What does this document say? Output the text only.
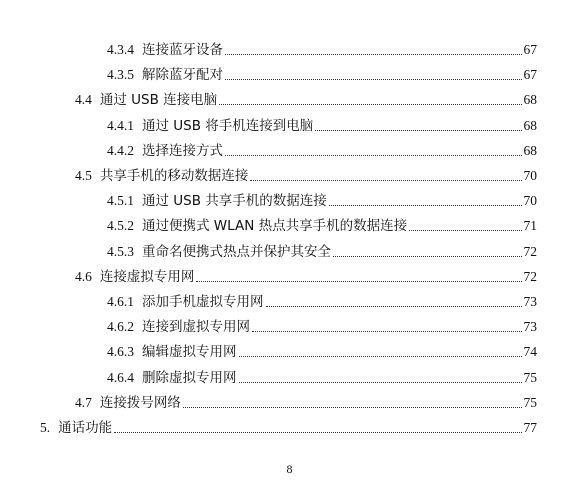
4.3.4 连接蓝牙设备	67
4.3.5 解除蓝牙配对	67
4.4 通过 USB 连接电脑	68
4.4.1 通过 USB 将手机连接到电脑	68
4.4.2 选择连接方式	68
4.5 共享手机的移动数据连接	70
4.5.1 通过 USB 共享手机的数据连接	70
4.5.2 通过便携式 WLAN 热点共享手机的数据连接	71
4.5.3 重命名便携式热点并保护其安全	72
4.6 连接虚拟专用网	72
4.6.1 添加手机虚拟专用网	73
4.6.2 连接到虚拟专用网	73
4.6.3 编辑虚拟专用网	74
4.6.4 删除虚拟专用网	75
4.7 连接拨号网络	75
5. 通话功能	77
8
